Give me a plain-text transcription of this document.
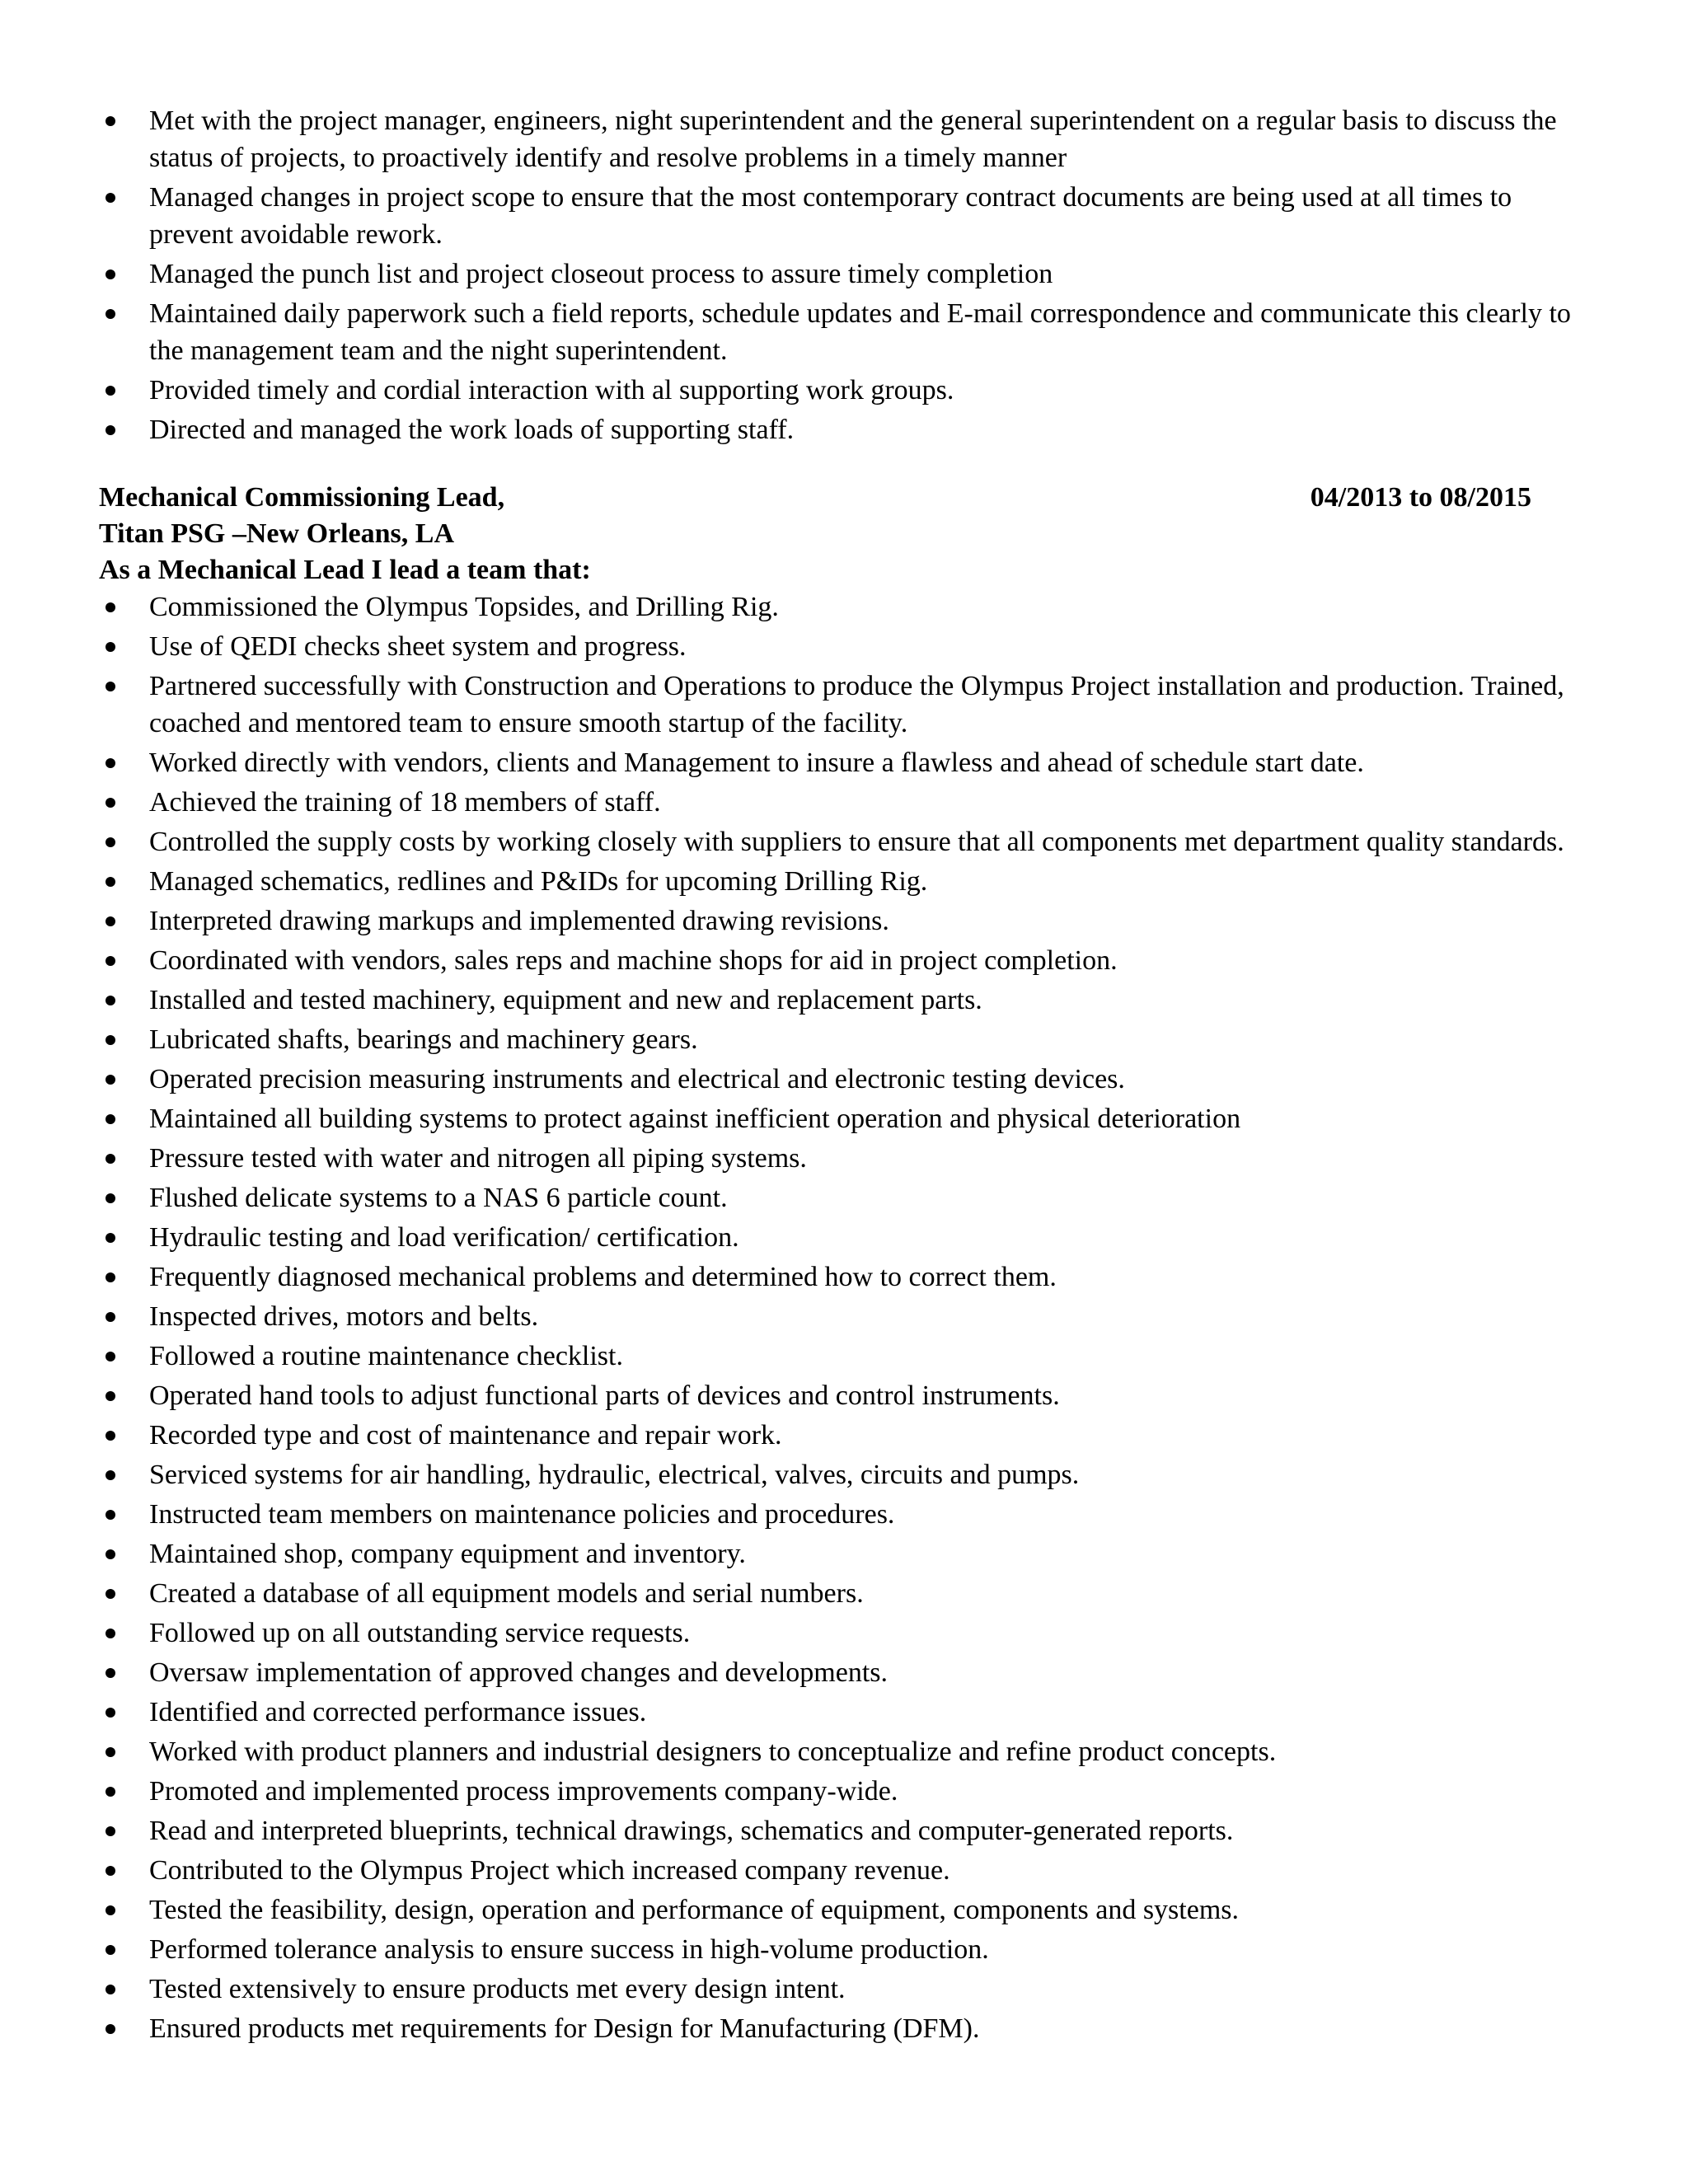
Met with the project manager, engineers, night superintendent and the general superintendent on a regular basis to discuss the status of projects, to proactively identify and resolve problems in a timely manner
Managed changes in project scope to ensure that the most contemporary contract documents are being used at all times to prevent avoidable rework.
Managed the punch list and project closeout process to assure timely completion
Maintained daily paperwork such a field reports, schedule updates and E-mail correspondence and communicate this clearly to the management team and the night superintendent.
Provided timely and cordial interaction with al supporting work groups.
Directed and managed the work loads of supporting staff.
Mechanical Commissioning Lead,	04/2013 to 08/2015
Titan PSG –New Orleans, LA
As a Mechanical Lead I lead a team that:
Commissioned the Olympus Topsides, and Drilling Rig.
Use of QEDI checks sheet system and progress.
Partnered successfully with Construction and Operations to produce the Olympus Project installation and production. Trained, coached and mentored team to ensure smooth startup of the facility.
Worked directly with vendors, clients and Management to insure a flawless and ahead of schedule start date.
Achieved the training of 18 members of staff.
Controlled the supply costs by working closely with suppliers to ensure that all components met department quality standards.
Managed schematics, redlines and P&IDs for upcoming Drilling Rig.
Interpreted drawing markups and implemented drawing revisions.
Coordinated with vendors, sales reps and machine shops for aid in project completion.
Installed and tested machinery, equipment and new and replacement parts.
Lubricated shafts, bearings and machinery gears.
Operated precision measuring instruments and electrical and electronic testing devices.
Maintained all building systems to protect against inefficient operation and physical deterioration
Pressure tested with water and nitrogen all piping systems.
Flushed delicate systems to a NAS 6 particle count.
Hydraulic testing and load verification/ certification.
Frequently diagnosed mechanical problems and determined how to correct them.
Inspected drives, motors and belts.
Followed a routine maintenance checklist.
Operated hand tools to adjust functional parts of devices and control instruments.
Recorded type and cost of maintenance and repair work.
Serviced systems for air handling, hydraulic, electrical, valves, circuits and pumps.
Instructed team members on maintenance policies and procedures.
Maintained shop, company equipment and inventory.
Created a database of all equipment models and serial numbers.
Followed up on all outstanding service requests.
Oversaw implementation of approved changes and developments.
Identified and corrected performance issues.
Worked with product planners and industrial designers to conceptualize and refine product concepts.
Promoted and implemented process improvements company-wide.
Read and interpreted blueprints, technical drawings, schematics and computer-generated reports.
Contributed to the Olympus Project which increased company revenue.
Tested the feasibility, design, operation and performance of equipment, components and systems.
Performed tolerance analysis to ensure success in high-volume production.
Tested extensively to ensure products met every design intent.
Ensured products met requirements for Design for Manufacturing (DFM).
